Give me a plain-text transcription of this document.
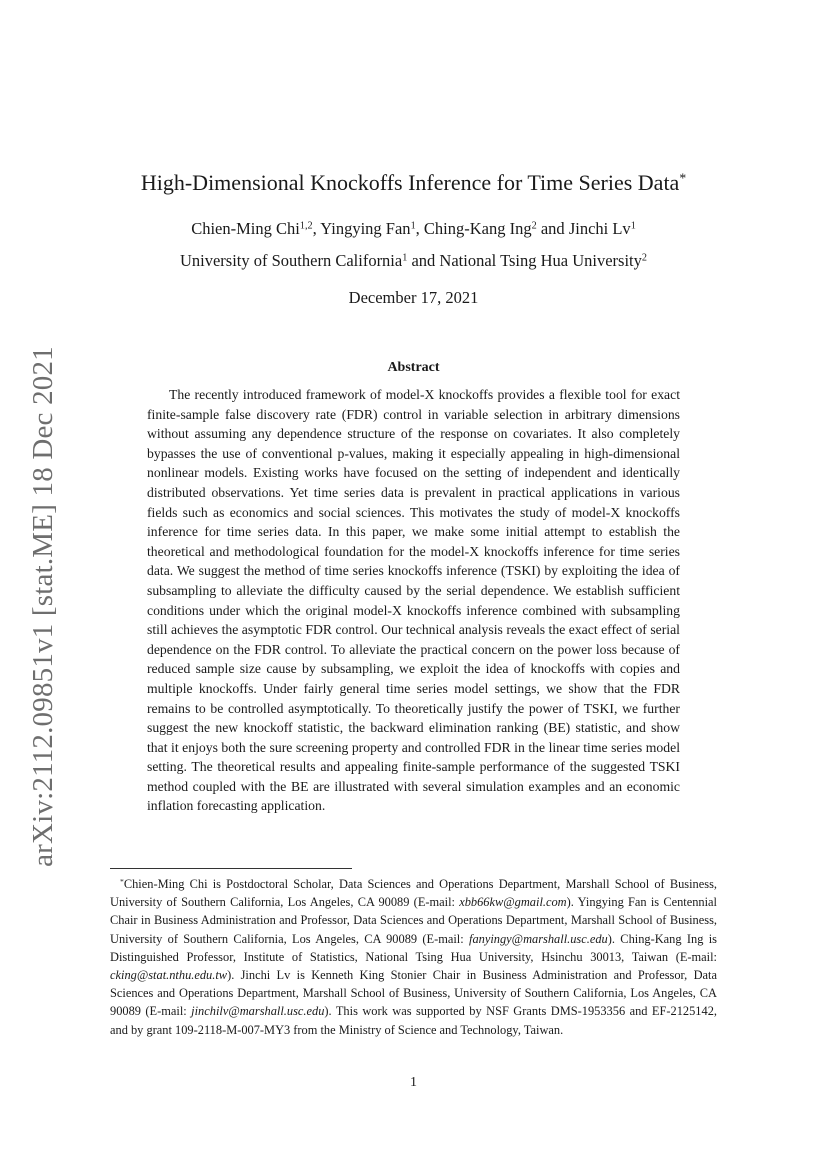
arXiv:2112.09851v1 [stat.ME] 18 Dec 2021
High-Dimensional Knockoffs Inference for Time Series Data*
Chien-Ming Chi$^{1,2}$, Yingying Fan$^1$, Ching-Kang Ing$^2$ and Jinchi Lv$^1$
University of Southern California$^1$ and National Tsing Hua University$^2$
December 17, 2021
Abstract

The recently introduced framework of model-X knockoffs provides a flexible tool for exact finite-sample false discovery rate (FDR) control in variable selection in arbitrary dimensions without assuming any dependence structure of the response on covariates. It also completely bypasses the use of conventional p-values, making it especially appealing in high-dimensional nonlinear models. Existing works have focused on the setting of independent and identically distributed observations. Yet time series data is prevalent in practical applications in various fields such as economics and social sciences. This motivates the study of model-X knockoffs inference for time series data. In this paper, we make some initial attempt to establish the theoretical and methodological foundation for the model-X knockoffs inference for time series data. We suggest the method of time series knockoffs inference (TSKI) by exploiting the idea of subsampling to alleviate the difficulty caused by the serial dependence. We establish sufficient conditions under which the original model-X knockoffs inference combined with subsampling still achieves the asymptotic FDR control. Our technical analysis reveals the exact effect of serial dependence on the FDR control. To alleviate the practical concern on the power loss because of reduced sample size cause by subsampling, we exploit the idea of knockoffs with copies and multiple knockoffs. Under fairly general time series model settings, we show that the FDR remains to be controlled asymptotically. To theoretically justify the power of TSKI, we further suggest the new knockoff statistic, the backward elimination ranking (BE) statistic, and show that it enjoys both the sure screening property and controlled FDR in the linear time series model setting. The theoretical results and appealing finite-sample performance of the suggested TSKI method coupled with the BE are illustrated with several simulation examples and an economic inflation forecasting application.

*Chien-Ming Chi is Postdoctoral Scholar, Data Sciences and Operations Department, Marshall School of Business, University of Southern California, Los Angeles, CA 90089 (E-mail: xbb66kw@gmail.com). Yingying Fan is Centennial Chair in Business Administration and Professor, Data Sciences and Operations Department, Marshall School of Business, University of Southern California, Los Angeles, CA 90089 (E-mail: fanyingy@marshall.usc.edu). Ching-Kang Ing is Distinguished Professor, Institute of Statistics, National Tsing Hua University, Hsinchu 30013, Taiwan (E-mail: cking@stat.nthu.edu.tw). Jinchi Lv is Kenneth King Stonier Chair in Business Administration and Professor, Data Sciences and Operations Department, Marshall School of Business, University of Southern California, Los Angeles, CA 90089 (E-mail: jinchilv@marshall.usc.edu). This work was supported by NSF Grants DMS-1953356 and EF-2125142, and by grant 109-2118-M-007-MY3 from the Ministry of Science and Technology, Taiwan.

1
